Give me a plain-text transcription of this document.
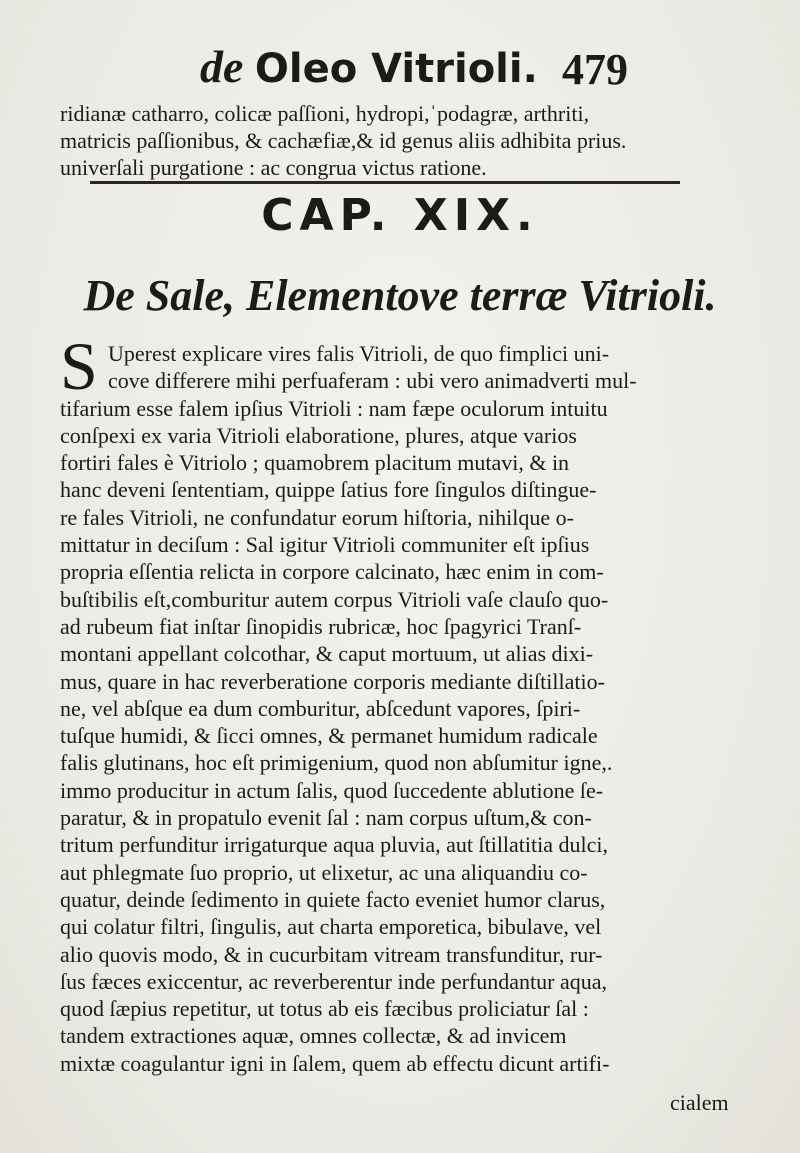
de Oleo Vitrioli. 479
ridianæ catharro, colicæ paſſioni, hydropi,ˈpodagræ, arthriti,
matricis paſſionibus, & cachæfiæ,& id genus aliis adhibita prius.
univerſali purgatione : ac congrua victus ratione.
CAP. XIX.
De Sale, Elementove terræ Vitrioli.
S Uperest explicare vires falis Vitrioli, de quo fimplici uni-
cove differere mihi perfuaferam : ubi vero animadverti mul-
tifarium esse falem ipſius Vitrioli : nam fæpe oculorum intuitu
conſpexi ex varia Vitrioli elaboratione, plures, atque varios
fortiri fales è Vitriolo ; quamobrem placitum mutavi, & in
hanc deveni ſententiam, quippe ſatius fore ſingulos diſtingue-
re fales Vitrioli, ne confundatur eorum hiſtoria, nihilque o-
mittatur in deciſum : Sal igitur Vitrioli communiter eſt ipſius
propria eſſentia relicta in corpore calcinato, hæc enim in com-
buſtibilis eſt,comburitur autem corpus Vitrioli vaſe clauſo quo-
ad rubeum fiat inſtar ſinopidis rubricæ, hoc ſpagyrici Tranſ-
montani appellant colcothar, & caput mortuum, ut alias dixi-
mus, quare in hac reverberatione corporis mediante diſtillatio-
ne, vel abſque ea dum comburitur, abſcedunt vapores, ſpiri-
tuſque humidi, & ſicci omnes, & permanet humidum radicale
falis glutinans, hoc eſt primigenium, quod non abſumitur igne,.
immo producitur in actum ſalis, quod ſuccedente ablutione ſe-
paratur, & in propatulo evenit ſal : nam corpus uſtum,& con-
tritum perfunditur irrigaturque aqua pluvia, aut ſtillatitia dulci,
aut phlegmate ſuo proprio, ut elixetur, ac una aliquandiu co-
quatur, deinde ſedimento in quiete facto eveniet humor clarus,
qui colatur filtri, ſingulis, aut charta emporetica, bibulave, vel
alio quovis modo, & in cucurbitam vitream transfunditur, rur-
ſus fæces exiccentur, ac reverberentur inde perfundantur aqua,
quod ſæpius repetitur, ut totus ab eis fæcibus proliciatur ſal :
tandem extractiones aquæ, omnes collectæ, & ad invicem
mixtæ coagulantur igni in ſalem, quem ab effectu dicunt artifi-
cialem
